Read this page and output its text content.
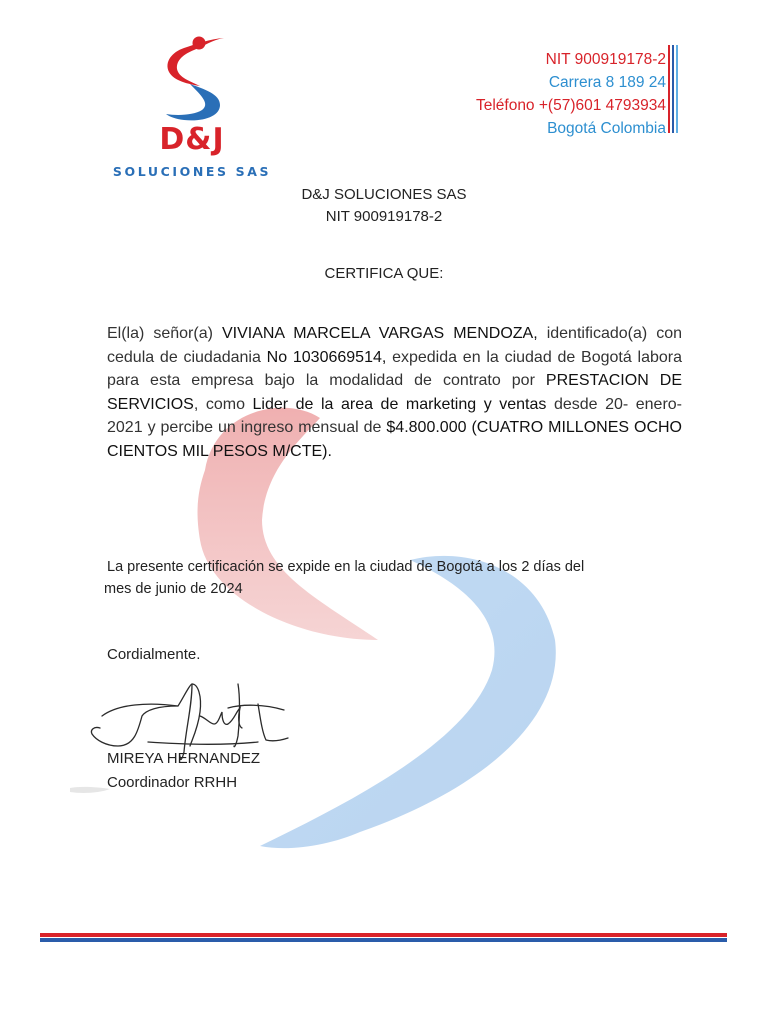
D&J
SOLUCIONES SAS
NIT 900919178-2
Carrera 8 189 24
Teléfono +(57)601 4793934
Bogotá Colombia
D&J SOLUCIONES SAS
NIT 900919178-2
CERTIFICA QUE:
El(la) señor(a) VIVIANA MARCELA VARGAS MENDOZA, identificado(a) con cedula de ciudadania No 1030669514, expedida en la ciudad de Bogotá labora para esta empresa bajo la modalidad de contrato por PRESTACION DE SERVICIOS, como Lider de la area de marketing y ventas desde 20- enero- 2021 y percibe un ingreso mensual de $4.800.000 (CUATRO MILLONES OCHO CIENTOS MIL PESOS M/CTE).
La presente certificación se expide en la ciudad de Bogotá a los 2 días del
mes de junio de 2024
Cordialmente.
MIREYA HERNANDEZ
Coordinador RRHH
